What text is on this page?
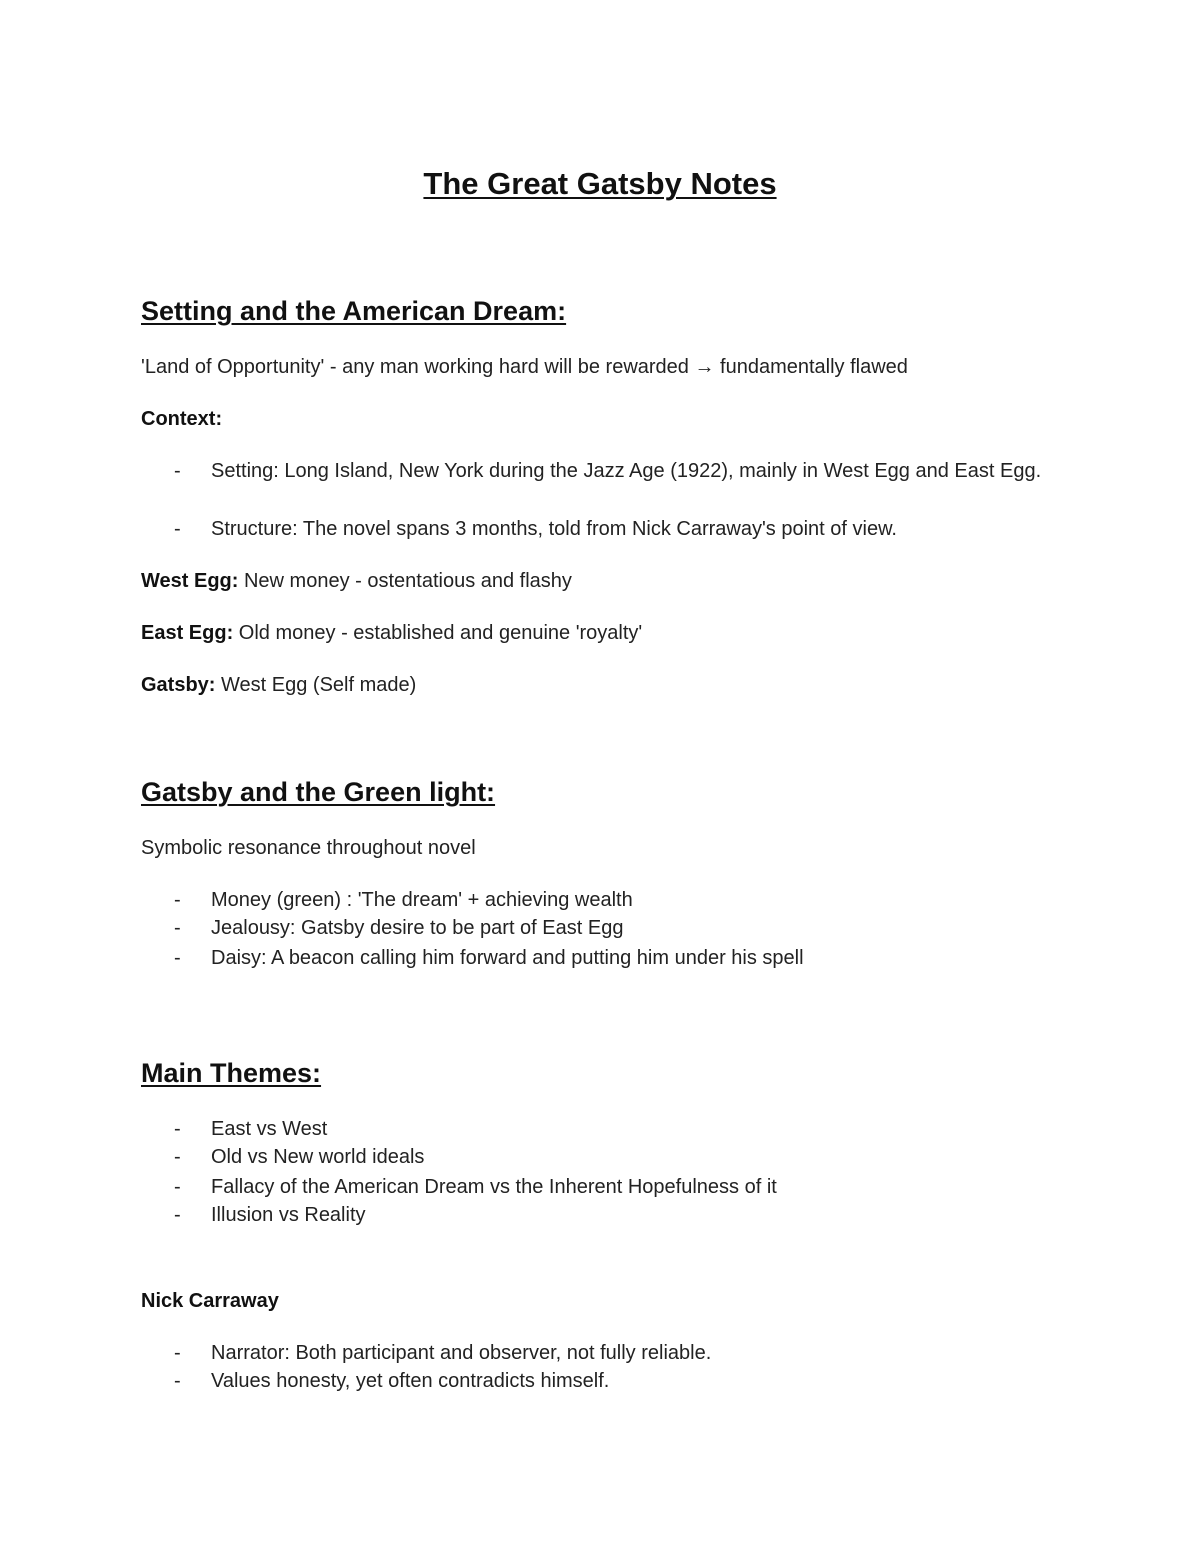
The Great Gatsby Notes
Setting and the American Dream:

'Land of Opportunity' - any man working hard will be rewarded → fundamentally flawed

Context:

- Setting: Long Island, New York during the Jazz Age (1922), mainly in West Egg and East Egg.
- Structure: The novel spans 3 months, told from Nick Carraway's point of view.

West Egg: New money - ostentatious and flashy

East Egg: Old money - established and genuine 'royalty'

Gatsby: West Egg (Self made)

Gatsby and the Green light:

Symbolic resonance throughout novel

- Money (green) : 'The dream' + achieving wealth
- Jealousy: Gatsby desire to be part of East Egg
- Daisy: A beacon calling him forward and putting him under his spell
Main Themes:
- East vs West
- Old vs New world ideals
- Fallacy of the American Dream vs the Inherent Hopefulness of it
- Illusion vs Reality

Nick Carraway

- Narrator: Both participant and observer, not fully reliable.
- Values honesty, yet often contradicts himself.
